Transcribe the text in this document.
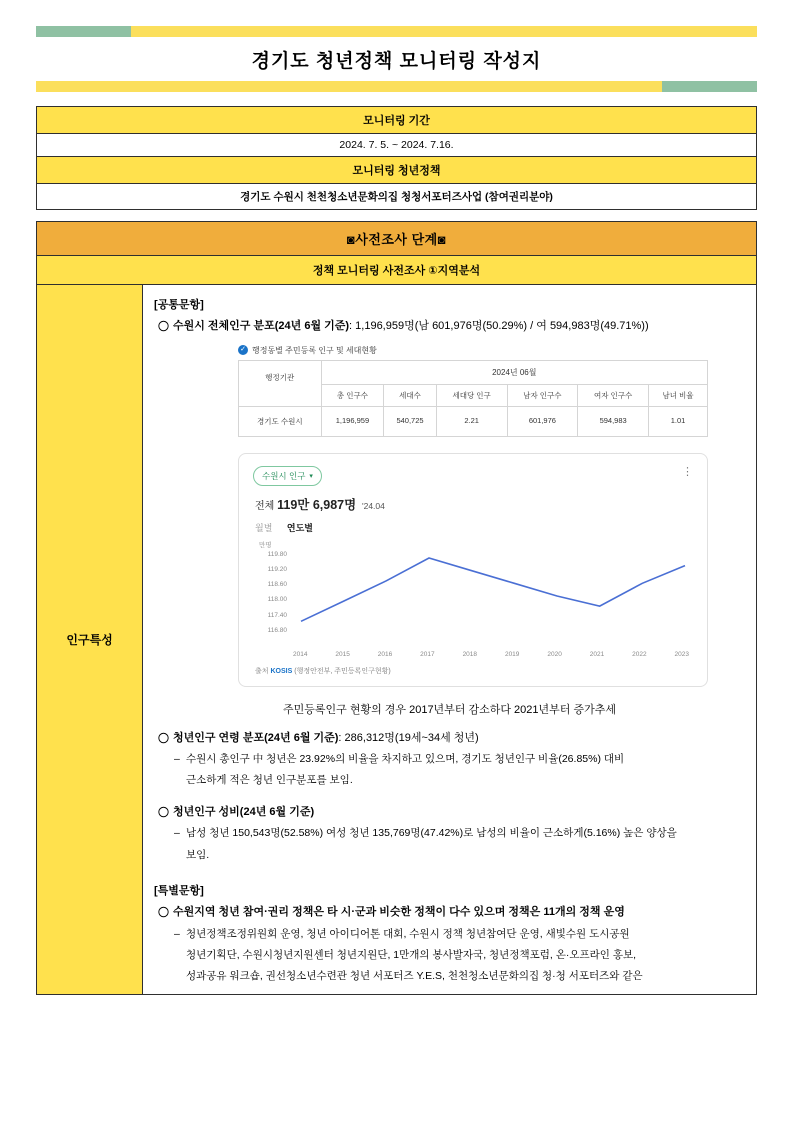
경기도 청년정책 모니터링 작성지
모니터링 기간
2024. 7. 5. ~ 2024. 7.16.
모니터링 청년정책
경기도 수원시 천천청소년문화의집 청청서포터즈사업 (참여권리분야)
◙사전조사 단계◙
정책 모니터링 사전조사 ①지역분석
인구특성	
[공통문항]
〇 수원시 전체인구 분포(24년 6월 기준): 1,196,959명(남 601,976명(50.29%) / 여 594,983명(49.71%))
✓ 행정동별 주민등록 인구 및 세대현황
행정기관	2024년 06월
총 인구수	세대수	세대당 인구	남자 인구수	여자 인구수	남녀 비율
경기도 수원시	1,196,959	540,725	2.21	601,976	594,983	1.01
수원시 인구 ▾	⋮
전체 119만 6,987명 '24.04
월별 연도별
만명
119.80
119.20
118.60
118.00
117.40
116.80
2014	2015	2016	2017	2018	2019	2020	2021	2022	2023
출처 KOSIS (행정안전부, 주민등록인구현황)
주민등록인구 현황의 경우 2017년부터 감소하다 2021년부터 증가추세
〇 청년인구 연령 분포(24년 6월 기준): 286,312명(19세~34세 청년)
– 수원시 총인구 中 청년은 23.92%의 비율을 차지하고 있으며, 경기도 청년인구 비율(26.85%) 대비
근소하게 적은 청년 인구분포를 보임.
〇 청년인구 성비(24년 6월 기준)
– 남성 청년 150,543명(52.58%) 여성 청년 135,769명(47.42%)로 남성의 비율이 근소하게(5.16%) 높은 양상을
보임.
[특별문항]
〇 수원지역 청년 참여·권리 정책은 타 시·군과 비슷한 정책이 다수 있으며 정책은 11개의 정책 운영
– 청년정책조정위원회 운영, 청년 아이디어톤 대회, 수원시 정책 청년참여단 운영, 새빛수원 도시공원
청년기획단, 수원시청년지원센터 청년지원단, 1만개의 봉사발자국, 청년정책포럼, 온·오프라인 홍보,
성과공유 워크숍, 권선청소년수련관 청년 서포터즈 Y.E.S, 천천청소년문화의집 청·청 서포터즈와 같은
